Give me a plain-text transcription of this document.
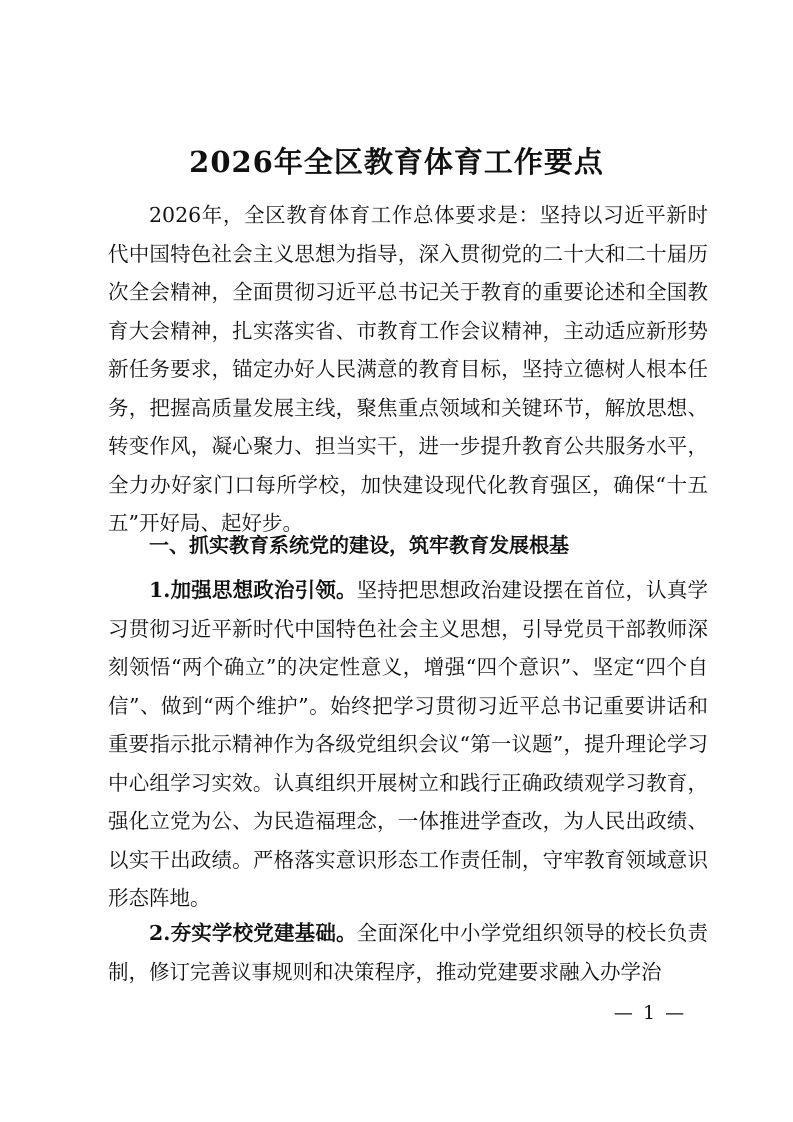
2026年全区教育体育工作要点

2026年，全区教育体育工作总体要求是：坚持以习近平新时代中国特色社会主义思想为指导，深入贯彻党的二十大和二十届历次全会精神，全面贯彻习近平总书记关于教育的重要论述和全国教育大会精神，扎实落实省、市教育工作会议精神，主动适应新形势新任务要求，锚定办好人民满意的教育目标，坚持立德树人根本任务，把握高质量发展主线，聚焦重点领域和关键环节，解放思想、转变作风，凝心聚力、担当实干，进一步提升教育公共服务水平，全力办好家门口每所学校，加快建设现代化教育强区，确保“十五五”开好局、起好步。

一、抓实教育系统党的建设，筑牢教育发展根基

1.加强思想政治引领。坚持把思想政治建设摆在首位，认真学习贯彻习近平新时代中国特色社会主义思想，引导党员干部教师深刻领悟“两个确立”的决定性意义，增强“四个意识”、坚定“四个自信”、做到“两个维护”。始终把学习贯彻习近平总书记重要讲话和重要指示批示精神作为各级党组织会议“第一议题”，提升理论学习中心组学习实效。认真组织开展树立和践行正确政绩观学习教育，强化立党为公、为民造福理念，一体推进学查改，为人民出政绩、以实干出政绩。严格落实意识形态工作责任制，守牢教育领域意识形态阵地。

2.夯实学校党建基础。全面深化中小学党组织领导的校长负责制，修订完善议事规则和决策程序，推动党建要求融入办学治

— 1 —
